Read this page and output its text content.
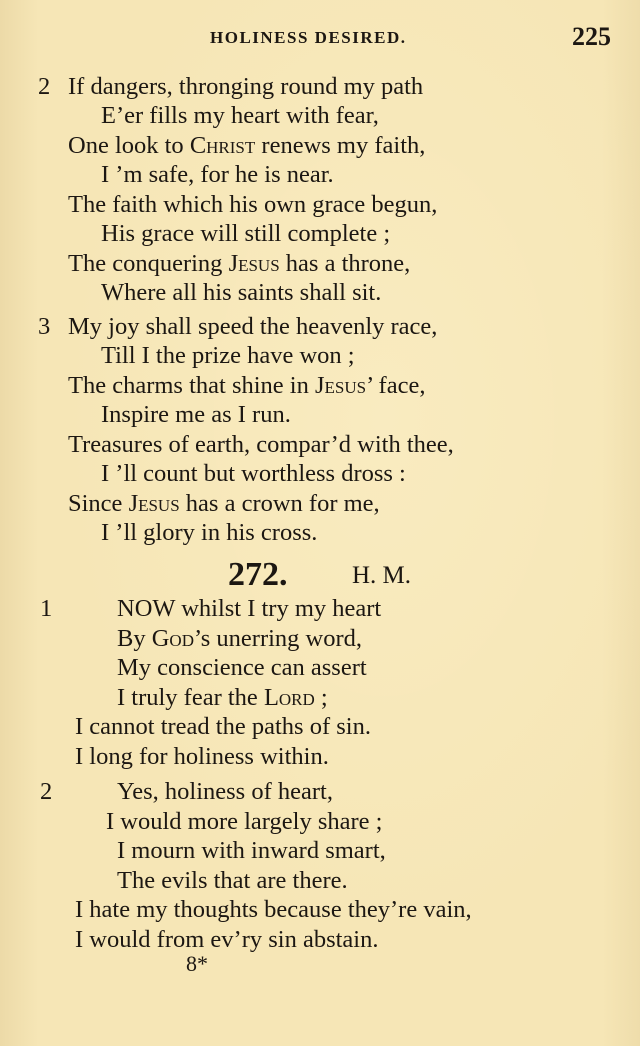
HOLINESS DESIRED.	225
2 If dangers, thronging round my path
E’er fills my heart with fear,
One look to Christ renews my faith,
I ’m safe, for he is near.
The faith which his own grace begun,
His grace will still complete ;
The conquering Jesus has a throne,
Where all his saints shall sit.
3 My joy shall speed the heavenly race,
Till I the prize have won ;
The charms that shine in Jesus’ face,
Inspire me as I run.
Treasures of earth, compar’d with thee,
I ’ll count but worthless dross :
Since Jesus has a crown for me,
I ’ll glory in his cross.
272.	H. M.
1	NOW whilst I try my heart
By God’s unerring word,
My conscience can assert
I truly fear the Lord ;
I cannot tread the paths of sin.
I long for holiness within.
2	Yes, holiness of heart,
I would more largely share ;
I mourn with inward smart,
The evils that are there.
I hate my thoughts because they’re vain,
I would from ev’ry sin abstain.
8*
